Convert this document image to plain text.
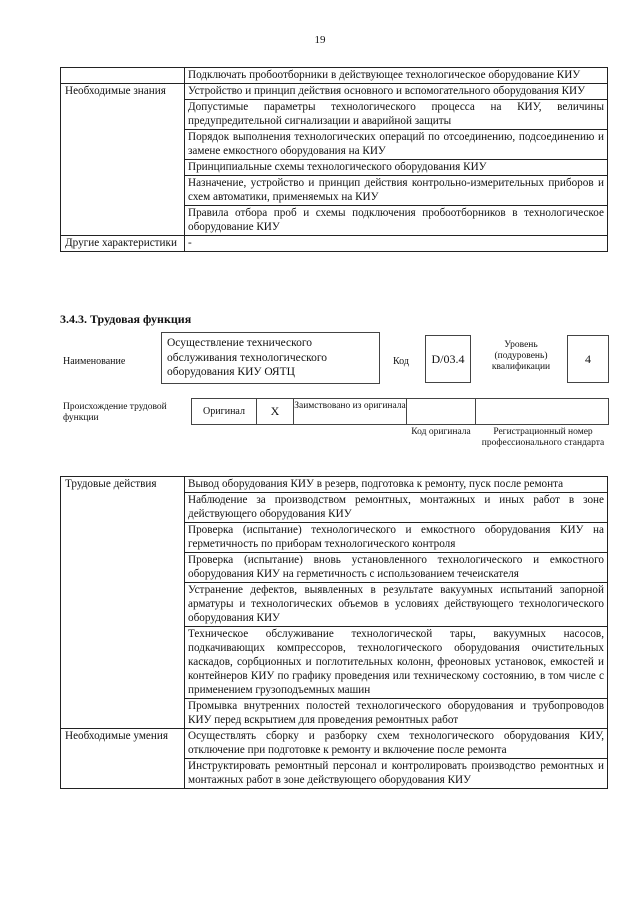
19
	Подключать пробоотборники в действующее технологическое оборудование КИУ
Необходимые знания	Устройство и принцип действия основного и вспомогательного оборудования КИУ
	Допустимые параметры технологического процесса на КИУ, величины предупредительной сигнализации и аварийной защиты
	Порядок выполнения технологических операций по отсоединению, подсоединению и замене емкостного оборудования на КИУ
	Принципиальные схемы технологического оборудования КИУ
	Назначение, устройство и принцип действия контрольно-измерительных приборов и схем автоматики, применяемых на КИУ
	Правила отбора проб и схемы подключения пробоотборников в технологическое оборудование КИУ
Другие характеристики	-
3.4.3. Трудовая функция
Наименование
Осуществление технического обслуживания технологического оборудования КИУ ОЯТЦ
Код	D/03.4
Уровень (подуровень) квалификации
4
Происхождение трудовой функции
Оригинал X Заимствовано из оригинала
Код оригинала	Регистрационный номер профессионального стандарта
Трудовые действия	Вывод оборудования КИУ в резерв, подготовка к ремонту, пуск после ремонта
	Наблюдение за производством ремонтных, монтажных и иных работ в зоне действующего оборудования КИУ
	Проверка (испытание) технологического и емкостного оборудования КИУ на герметичность по приборам технологического контроля
	Проверка (испытание) вновь установленного технологического и емкостного оборудования КИУ на герметичность с использованием течеискателя
	Устранение дефектов, выявленных в результате вакуумных испытаний запорной арматуры и технологических объемов в условиях действующего технологического оборудования КИУ
	Техническое обслуживание технологической тары, вакуумных насосов, подкачивающих компрессоров, технологического оборудования очистительных каскадов, сорбционных и поглотительных колонн, фреоновых установок, емкостей и контейнеров КИУ по графику проведения или техническому состоянию, в том числе с применением грузоподъемных машин
	Промывка внутренних полостей технологического оборудования и трубопроводов КИУ перед вскрытием для проведения ремонтных работ
Необходимые умения	Осуществлять сборку и разборку схем технологического оборудования КИУ, отключение при подготовке к ремонту и включение после ремонта
	Инструктировать ремонтный персонал и контролировать производство ремонтных и монтажных работ в зоне действующего оборудования КИУ
